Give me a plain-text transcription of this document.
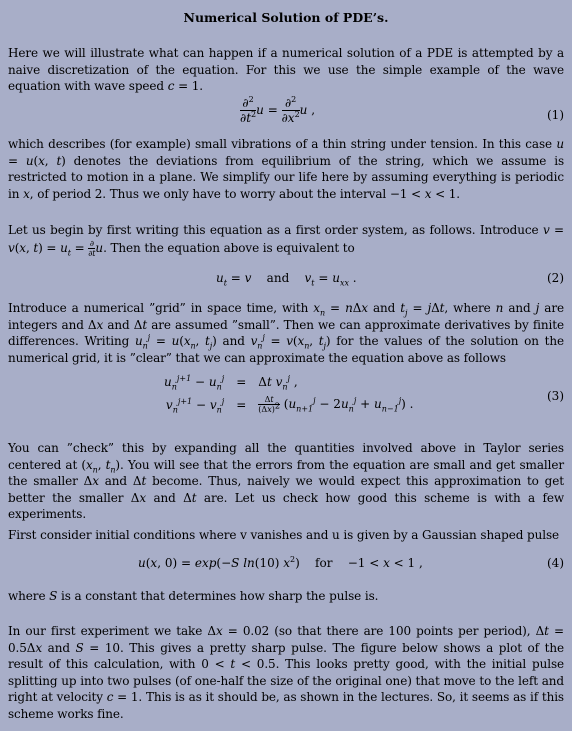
Numerical Solution of PDE’s.
Here we will illustrate what can happen if a numerical solution of a PDE is attempted by a naive discretization of the equation. For this we use the simple example of the wave equation with wave speed c = 1.
$\frac{\partial^2}{\partial t^2}$ $u = \frac{\partial^2}{\partial x^2}$ u ,	(1)
which describes (for example) small vibrations of a thin string under tension. In this case u = u(x, t) denotes the deviations from equilibrium of the string, which we assume is restricted to motion in a plane. We simplify our life here by assuming everything is periodic in x, of period 2. Thus we only have to worry about the interval −1 < x < 1.
Let us begin by first writing this equation as a first order system, as follows. Introduce v = v(x, $t) = u_t$ = ∂
∂t u. Then the equation above is equivalent to
$u_t = v$    and    $v_t = u_{xx}$ .	(2)
Introduce a numerical ”grid” in space time, with $x_n = n\Delta x$ and $t_j = j\Delta t$, where n and j are integers and Δx and Δt are assumed ”small”. Then we can approximate derivatives by finite differences. Writing $u_n^j = u(x_n$, $t_j$) and $v_n^j = v(x_n$, $t_j$) for the values of the solution on the numerical grid, it is ”clear” that we can approximate the equation above as follows
$u_n^{j+1} - u_n^j$	=	Δt $v_n^j$ ,
$v_n^{j+1} - v_n^j$	=	$\frac{\Delta t}{(\Delta x)^2} (u_{n+1}^j - 2u_n^j + u_{n-1}^j)$ .
(3)
You can ”check” this by expanding all the quantities involved above in Taylor series centered at ($x_n$, $t_n$). You will see that the errors from the equation are small and get smaller the smaller Δx and Δt become. Thus, naively we would expect this approximation to get better the smaller Δx and Δt are. Let us check how good this scheme is with a few experiments.
First consider initial conditions where v vanishes and u is given by a Gaussian shaped pulse
u(x, 0) = exp(−S ln(10) $x^2$)    for    −1 < x < 1 ,	(4)
where S is a constant that determines how sharp the pulse is.
In our first experiment we take Δx = 0.02 (so that there are 100 points per period), Δt = 0.5Δx and S = 10. This gives a pretty sharp pulse. The figure below shows a plot of the result of this calculation, with 0 < t < 0.5. This looks pretty good, with the initial pulse splitting up into two pulses (of one-half the size of the original one) that move to the left and right at velocity c = 1. This is as it should be, as shown in the lectures. So, it seems as if this scheme works fine.
